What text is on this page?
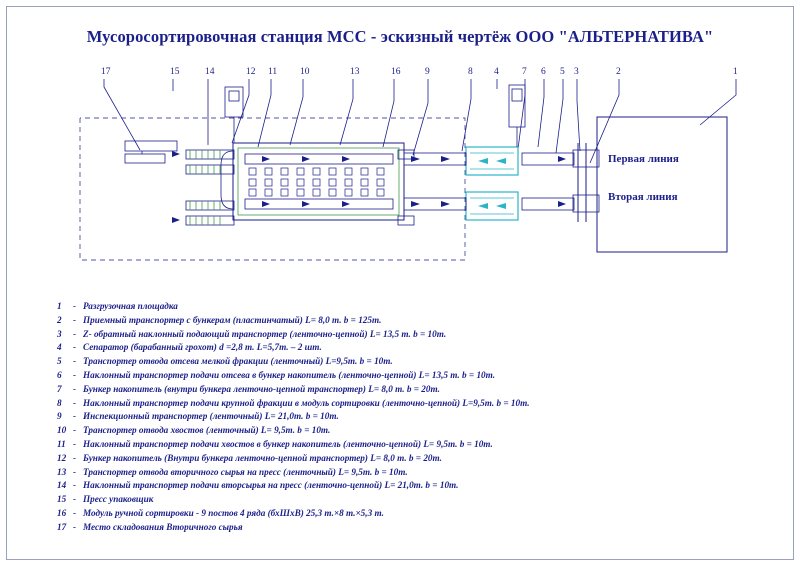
Мусоросортировочная станция МСС - эскизный чертёж ООО "АЛЬТЕРНАТИВА"
17	15	14	12 11 10	13	16	9	8 4 7 6 5 3	2	1
Первая линия
Вторая линия
1	- Разгрузочная площадка
2	- Приемный транспортер с бункерам (пластинчатый) L= 8,0 m. b = 125m.
3	- Z- обратный наклонный подающий транспортер (ленточно-цепной) L= 13,5 m. b = 10m.
4	- Сепаратор (барабанный грохот) d =2,8 m. L=5,7m. – 2 шт.
5	- Транспортер отвода отсева мелкой фракции (ленточный) L=9,5m. b = 10m.
6	- Наклонный транспортер подачи отсева в бункер накопитель (ленточно-цепной) L= 13,5 m. b = 10m.
7	- Бункер накопитель (внутри бункера ленточно-цепной транспортер) L= 8,0 m. b = 20m.
8	- Наклонный транспортер подачи крупной фракции в модуль сортировки (ленточно-цепной) L=9,5m. b = 10m.
9	- Инспекционный транспортер (ленточный) L= 21,0m. b = 10m.
10 - Транспортер отвода хвостов (ленточный) L= 9,5m. b = 10m.
11 - Наклонный транспортер подачи хвостов в бункер накопитель (ленточно-цепной) L= 9,5m. b = 10m.
12 - Бункер накопитель (Внутри бункера ленточно-цепной транспортер) L= 8,0 m. b = 20m.
13 - Транспортер отвода вторичного сырья на пресс (ленточный) L= 9,5m. b = 10m.
14 - Наклонный транспортер подачи вторсырья на пресс (ленточно-цепной) L= 21,0m. b = 10m.
15 - Пресс упаковщик
16 - Модуль ручной сортировки - 9 постов 4 ряда (бхШхВ) 25,3 m.×8 m.×5,3 m.
17 - Место складования Вторичного сырья
